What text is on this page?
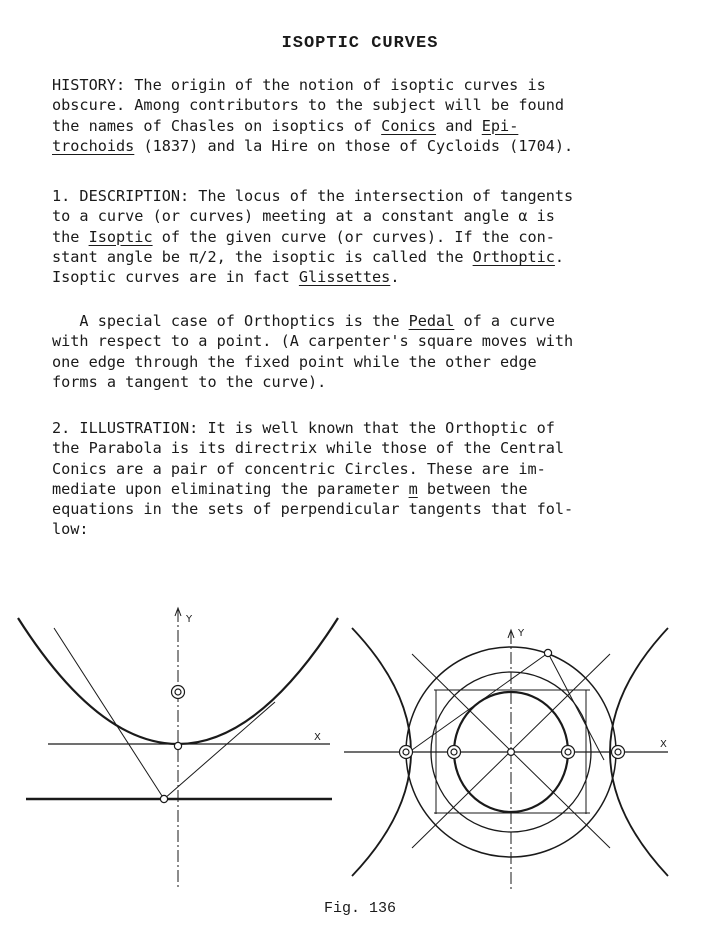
ISOPTIC CURVES
HISTORY: The origin of the notion of isoptic curves is
obscure. Among contributors to the subject will be found
the names of Chasles on isoptics of Conics and Epi-
trochoids (1837) and la Hire on those of Cycloids (1704).
1. DESCRIPTION: The locus of the intersection of tangents
to a curve (or curves) meeting at a constant angle α is
the Isoptic of the given curve (or curves). If the con-
stant angle be π/2, the isoptic is called the Orthoptic.
Isoptic curves are in fact Glissettes.
A special case of Orthoptics is the Pedal of a curve
with respect to a point. (A carpenter's square moves with
one edge through the fixed point while the other edge
forms a tangent to the curve).
2. ILLUSTRATION: It is well known that the Orthoptic of
the Parabola is its directrix while those of the Central
Conics are a pair of concentric Circles. These are im-
mediate upon eliminating the parameter m between the
equations in the sets of perpendicular tangents that fol-
low:
X
Y
X
Y
Fig. 136
